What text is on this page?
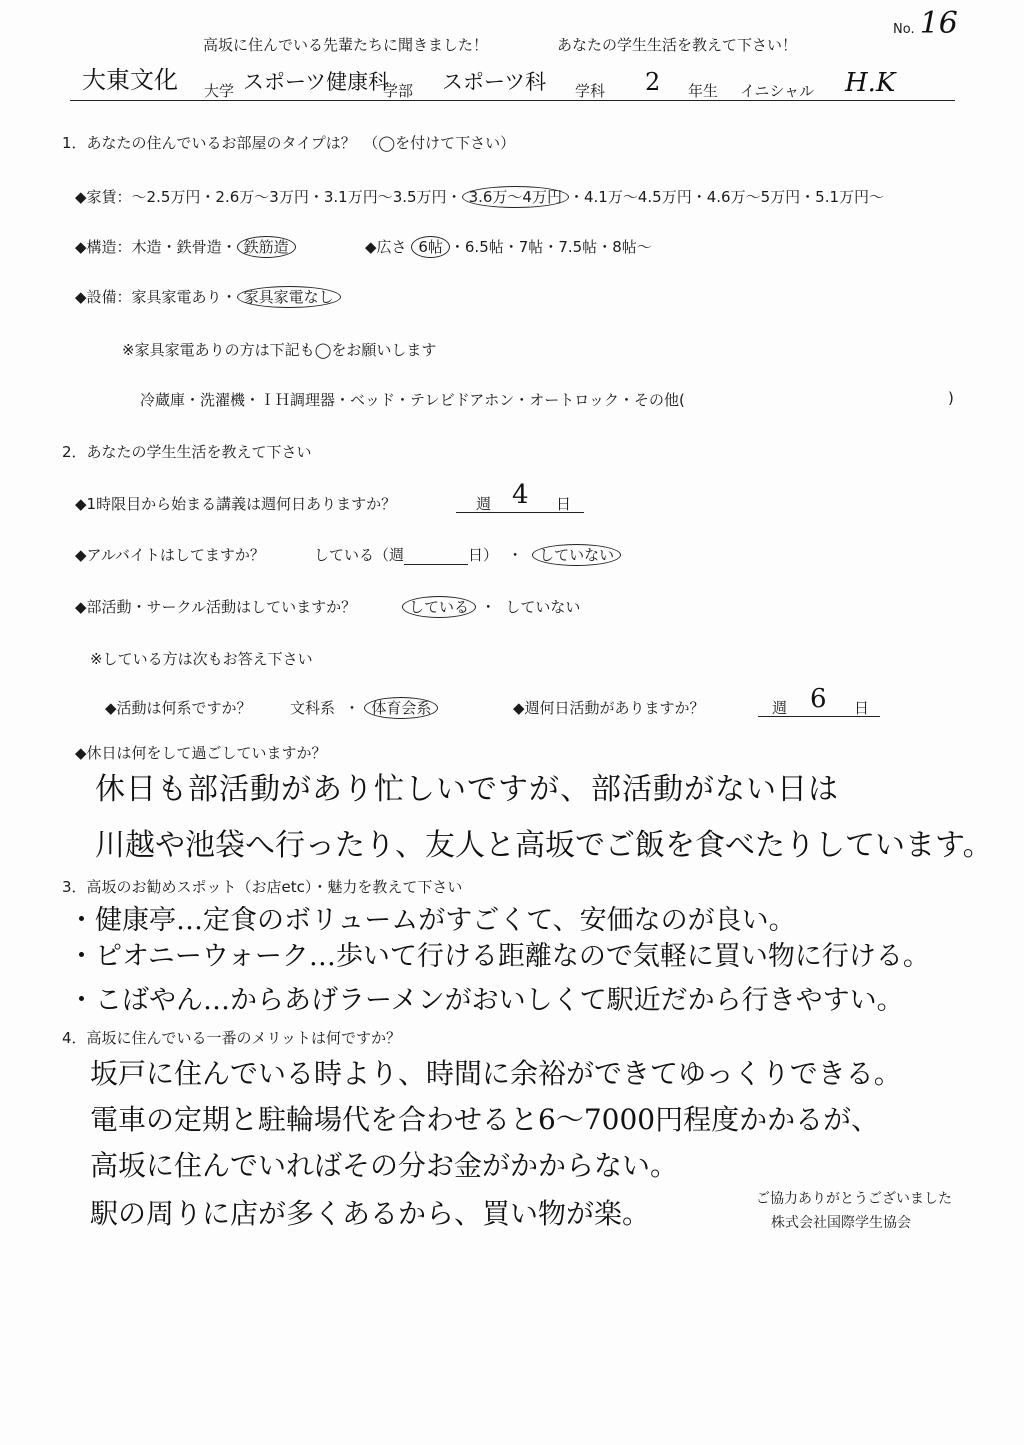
No. 16
高坂に住んでいる先輩たちに聞きました！	あなたの学生生活を教えて下さい！
大東文化 大学 スポーツ健康科
学部 スポーツ科 学科 2 年生 イニシャル H.K
1．あなたの住んでいるお部屋のタイプは？　（◯を付けて下さい）
◆家賃：～2.5万円・2.6万～3万円・3.1万円～3.5万円・ 3.6万～4万円 ・4.1万～4.5万円・4.6万～5万円・5.1万円～
◆構造：木造・鉄骨造・ 鉄筋造	◆広さ 6帖 ・6.5帖・7帖・7.5帖・8帖～
◆設備：家具家電あり・ 家具家電なし
※家具家電ありの方は下記も◯をお願いします
冷蔵庫・洗濯機・ＩＨ調理器・ベッド・テレビドアホン・オートロック・その他(	)
2．あなたの学生生活を教えて下さい
◆1時限目から始まる講義は週何日ありますか？	週 4 日
◆アルバイトはしてますか？	している（週	日）  ・  していない
◆部活動・サークル活動はしていますか？	している ・  していない
※している方は次もお答え下さい
◆活動は何系ですか？	文科系  ・ 体育会系	◆週何日活動がありますか？	週 6 日
◆休日は何をして過ごしていますか？
休日も部活動があり忙しいですが、部活動がない日は
川越や池袋へ行ったり、友人と高坂でご飯を食べたりしています。
3．高坂のお勧めスポット（お店etc）・魅力を教えて下さい
・健康亭…定食のボリュームがすごくて、安価なのが良い。
・ピオニーウォーク…歩いて行ける距離なので気軽に買い物に行ける。
・こばやん…からあげラーメンがおいしくて駅近だから行きやすい。
4．高坂に住んでいる一番のメリットは何ですか？
坂戸に住んでいる時より、時間に余裕ができてゆっくりできる。
電車の定期と駐輪場代を合わせると6～7000円程度かかるが、
高坂に住んでいればその分お金がかからない。
駅の周りに店が多くあるから、買い物が楽。	ご協力ありがとうございました
株式会社国際学生協会
